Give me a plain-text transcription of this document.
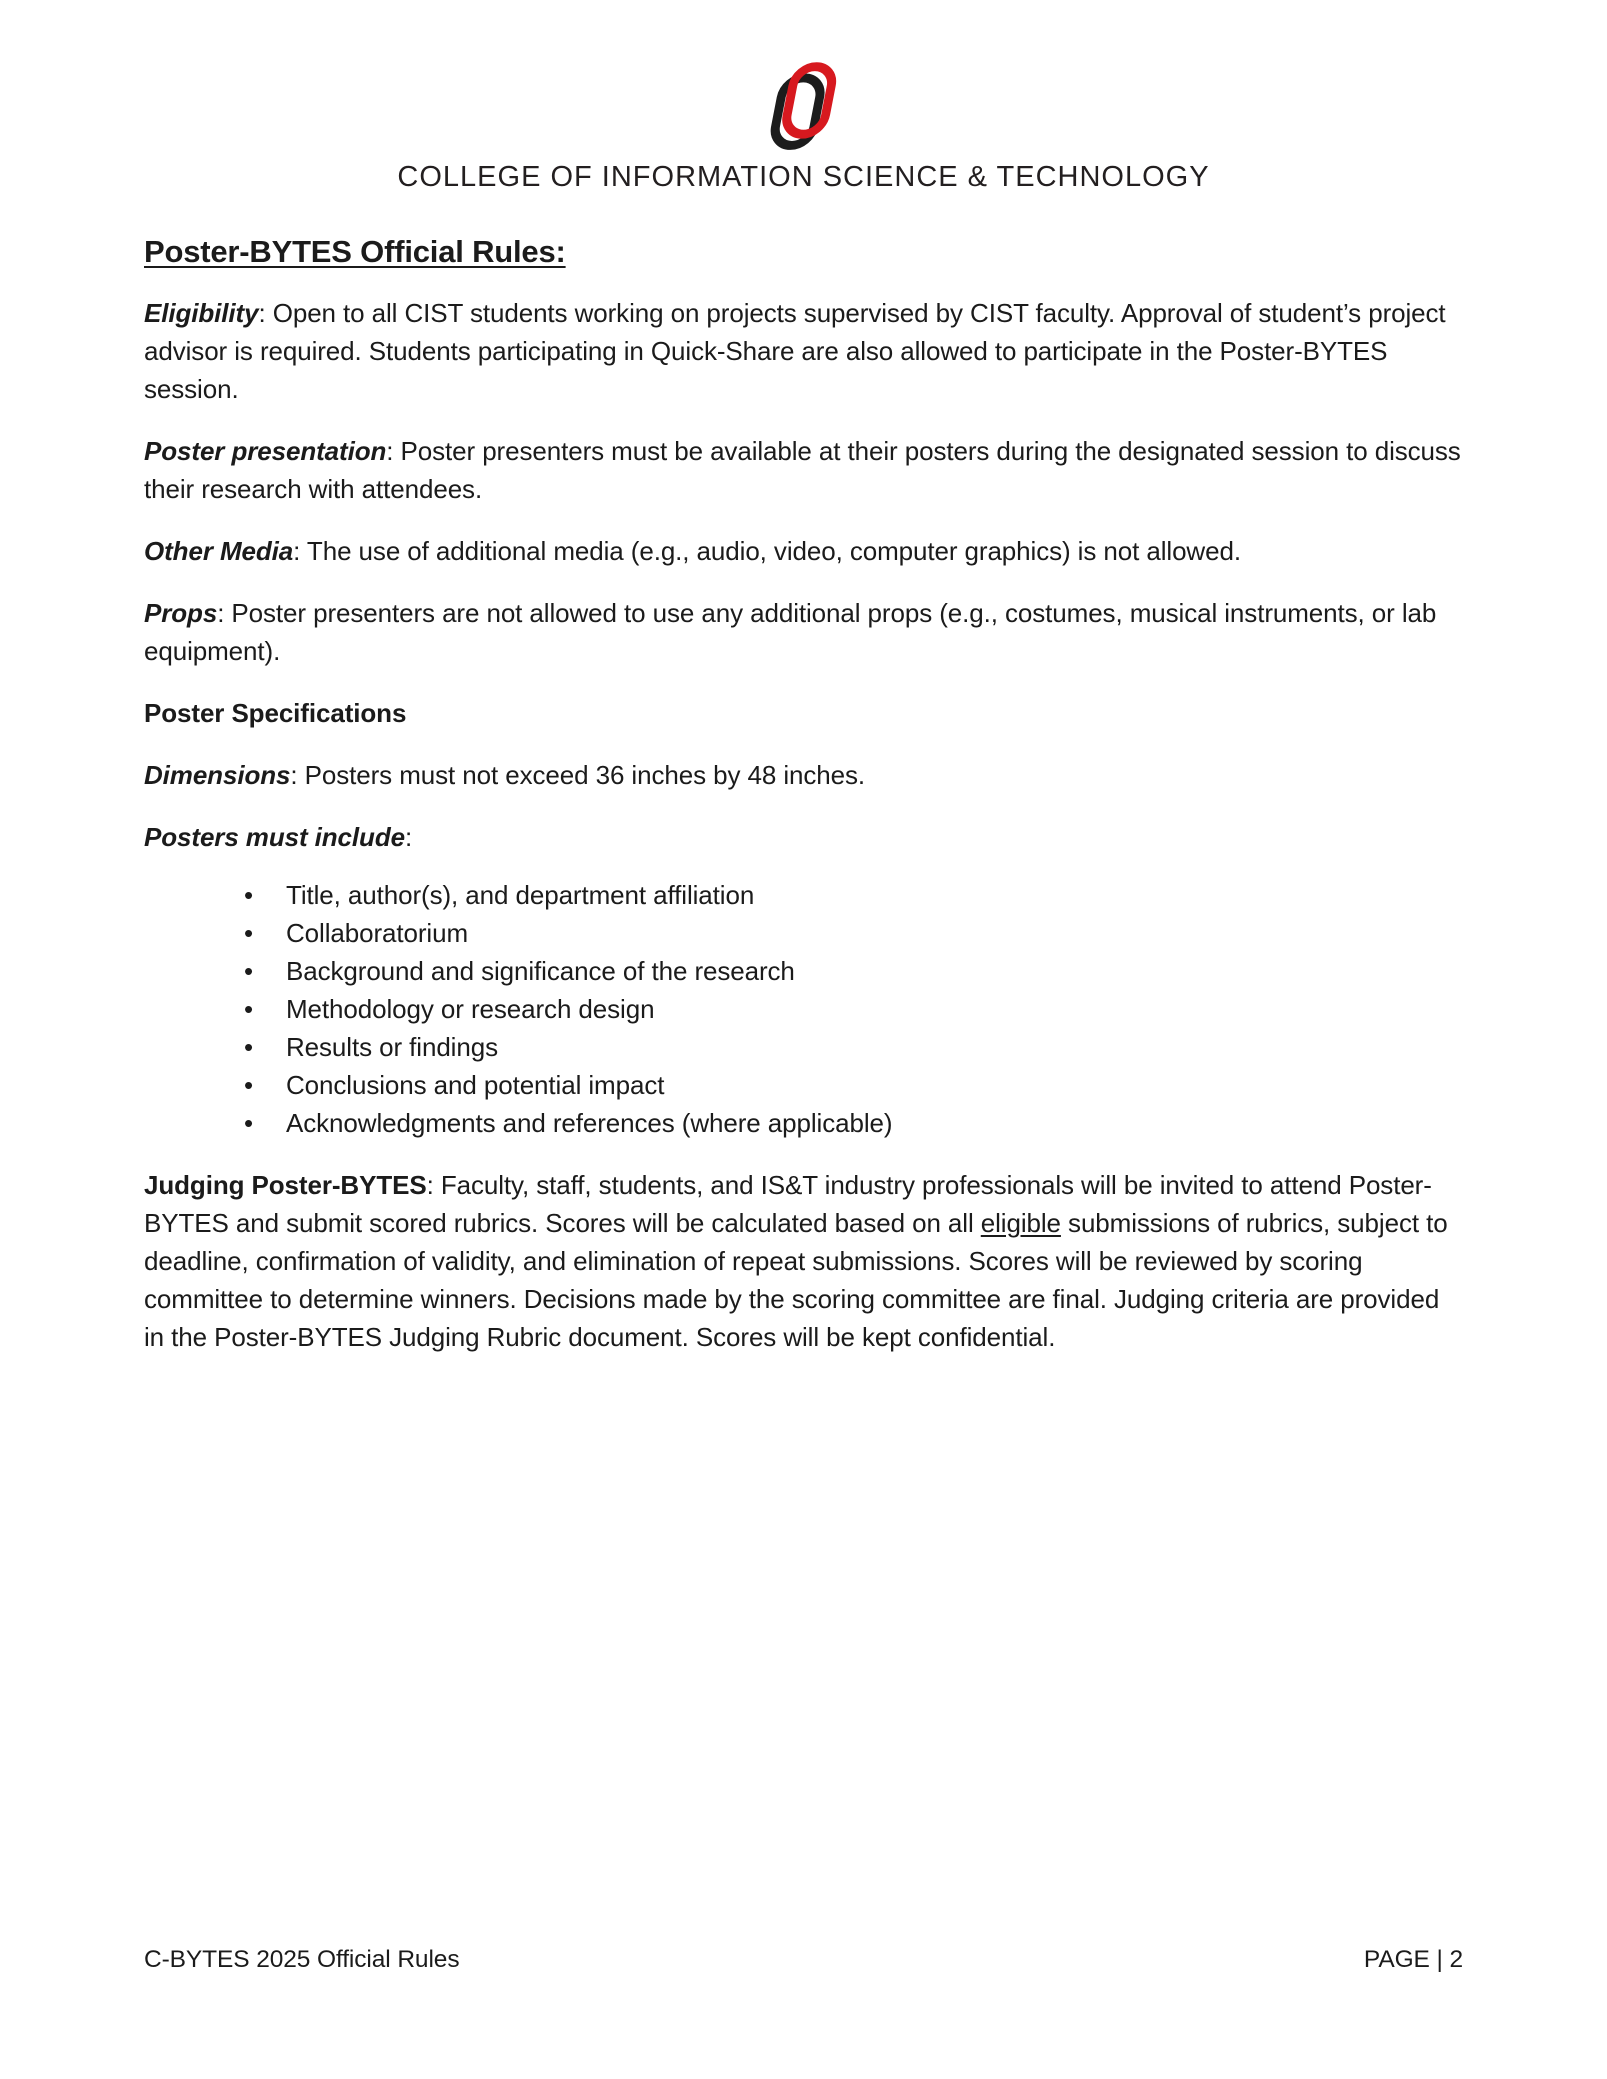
COLLEGE OF INFORMATION SCIENCE & TECHNOLOGY
Poster-BYTES Official Rules:

Eligibility: Open to all CIST students working on projects supervised by CIST faculty. Approval of student’s project advisor is required. Students participating in Quick-Share are also allowed to participate in the Poster-BYTES session.

Poster presentation: Poster presenters must be available at their posters during the designated session to discuss their research with attendees.

Other Media: The use of additional media (e.g., audio, video, computer graphics) is not allowed.

Props: Poster presenters are not allowed to use any additional props (e.g., costumes, musical instruments, or lab equipment).

Poster Specifications

Dimensions: Posters must not exceed 36 inches by 48 inches.

Posters must include:

• Title, author(s), and department affiliation
• Collaboratorium
• Background and significance of the research
• Methodology or research design
• Results or findings
• Conclusions and potential impact
• Acknowledgments and references (where applicable)

Judging Poster-BYTES: Faculty, staff, students, and IS&T industry professionals will be invited to attend Poster-BYTES and submit scored rubrics. Scores will be calculated based on all eligible submissions of rubrics, subject to deadline, confirmation of validity, and elimination of repeat submissions. Scores will be reviewed by scoring committee to determine winners. Decisions made by the scoring committee are final. Judging criteria are provided in the Poster-BYTES Judging Rubric document. Scores will be kept confidential.

C-BYTES 2025 Official Rules	PAGE | 2
